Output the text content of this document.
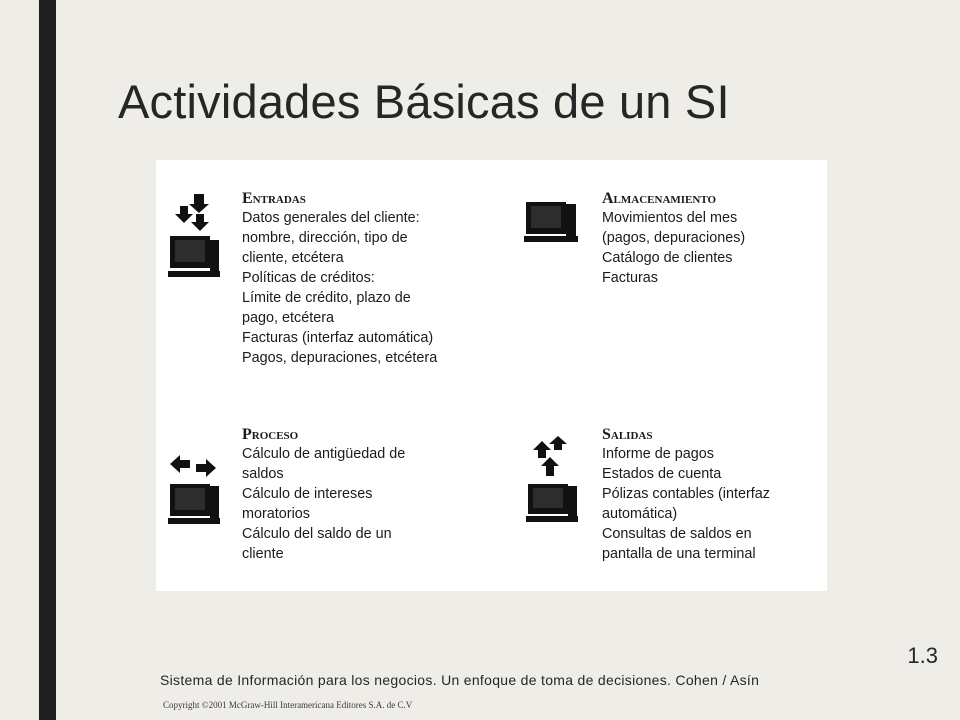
Actividades Básicas de un SI
Entradas
Datos generales del cliente:
nombre, dirección, tipo de
cliente, etcétera
Políticas de créditos:
Límite de crédito, plazo de
pago, etcétera
Facturas (interfaz automática)
Pagos, depuraciones, etcétera
Almacenamiento
Movimientos del mes
(pagos, depuraciones)
Catálogo de clientes
Facturas
Proceso
Cálculo de antigüedad de
saldos
Cálculo de intereses
moratorios
Cálculo del saldo de un
cliente
Salidas
Informe de pagos
Estados de cuenta
Pólizas contables (interfaz
automática)
Consultas de saldos en
pantalla de una terminal
1.3
Sistema de Información para los negocios. Un enfoque de toma de decisiones. Cohen / Asín
Copyright ©2001 McGraw-Hill Interamericana Editores S.A. de C.V
